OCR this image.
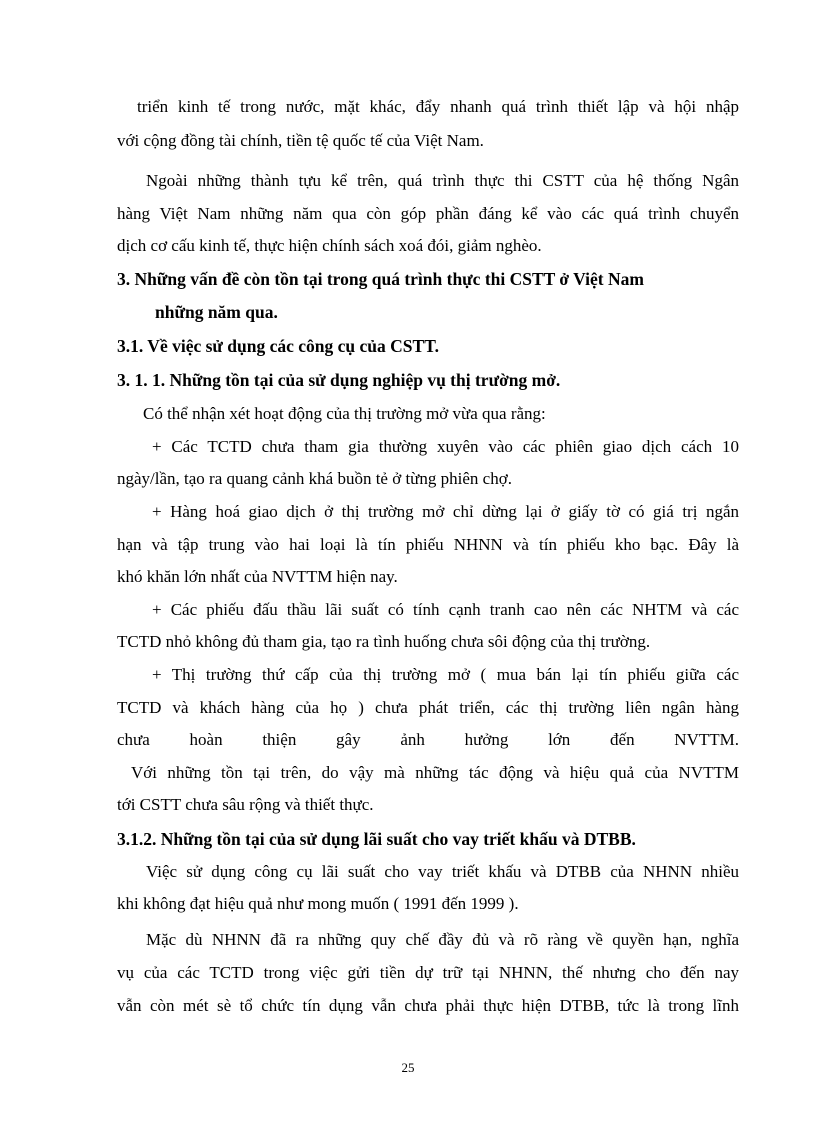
triển kinh tế trong nước, mặt khác, đẩy nhanh quá trình thiết lập và hội nhập
với cộng đồng tài chính, tiền tệ quốc tế của Việt Nam.
Ngoài những thành tựu kể trên, quá trình thực thi CSTT của hệ thống Ngân
hàng Việt Nam những năm qua còn góp phần đáng kể vào các quá trình chuyển
dịch cơ cấu kinh tế, thực hiện chính sách xoá đói, giảm nghèo.
3. Những vấn đề còn tồn tại trong quá trình thực thi CSTT ở Việt Nam
những năm qua.
3.1. Về việc sử dụng các công cụ của CSTT.
3. 1. 1. Những tồn tại của sử dụng nghiệp vụ thị trường mở.
Có thể nhận xét hoạt động của thị trường mở vừa qua rằng:
+ Các TCTD chưa tham gia thường xuyên vào các phiên giao dịch cách 10
ngày/lần, tạo ra quang cảnh khá buồn tẻ ở từng phiên chợ.
+ Hàng hoá giao dịch ở thị trường mở chỉ dừng lại ở giấy tờ có giá trị ngắn
hạn và tập trung vào hai loại là tín phiếu NHNN và tín phiếu kho bạc. Đây là
khó khăn lớn nhất của NVTTM hiện nay.
+ Các phiếu đấu thầu lãi suất có tính cạnh tranh cao nên các NHTM và các
TCTD nhỏ không đủ tham gia, tạo ra tình huống chưa sôi động của thị trường.
+ Thị trường thứ cấp của thị trường mở ( mua bán lại tín phiếu giữa các
TCTD và khách hàng của họ ) chưa phát triển, các thị trường liên ngân hàng
chưa hoàn thiện gây ảnh hưởng lớn đến NVTTM.
Với những tồn tại trên, do vậy mà những tác động và hiệu quả của NVTTM
tới CSTT chưa sâu rộng và thiết thực.
3.1.2. Những tồn tại của sử dụng lãi suất cho vay triết khấu và DTBB.
Việc sử dụng công cụ lãi suất cho vay triết khấu và DTBB của NHNN nhiều
khi không đạt hiệu quả như mong muốn ( 1991 đến 1999 ).
Mặc dù NHNN đã ra những quy chế đầy đủ và rõ ràng về quyền hạn, nghĩa
vụ của các TCTD trong việc gửi tiền dự trữ tại NHNN, thế nhưng cho đến nay
vẫn còn mét sè tổ chức tín dụng vẫn chưa phải thực hiện DTBB, tức là trong lĩnh
25
